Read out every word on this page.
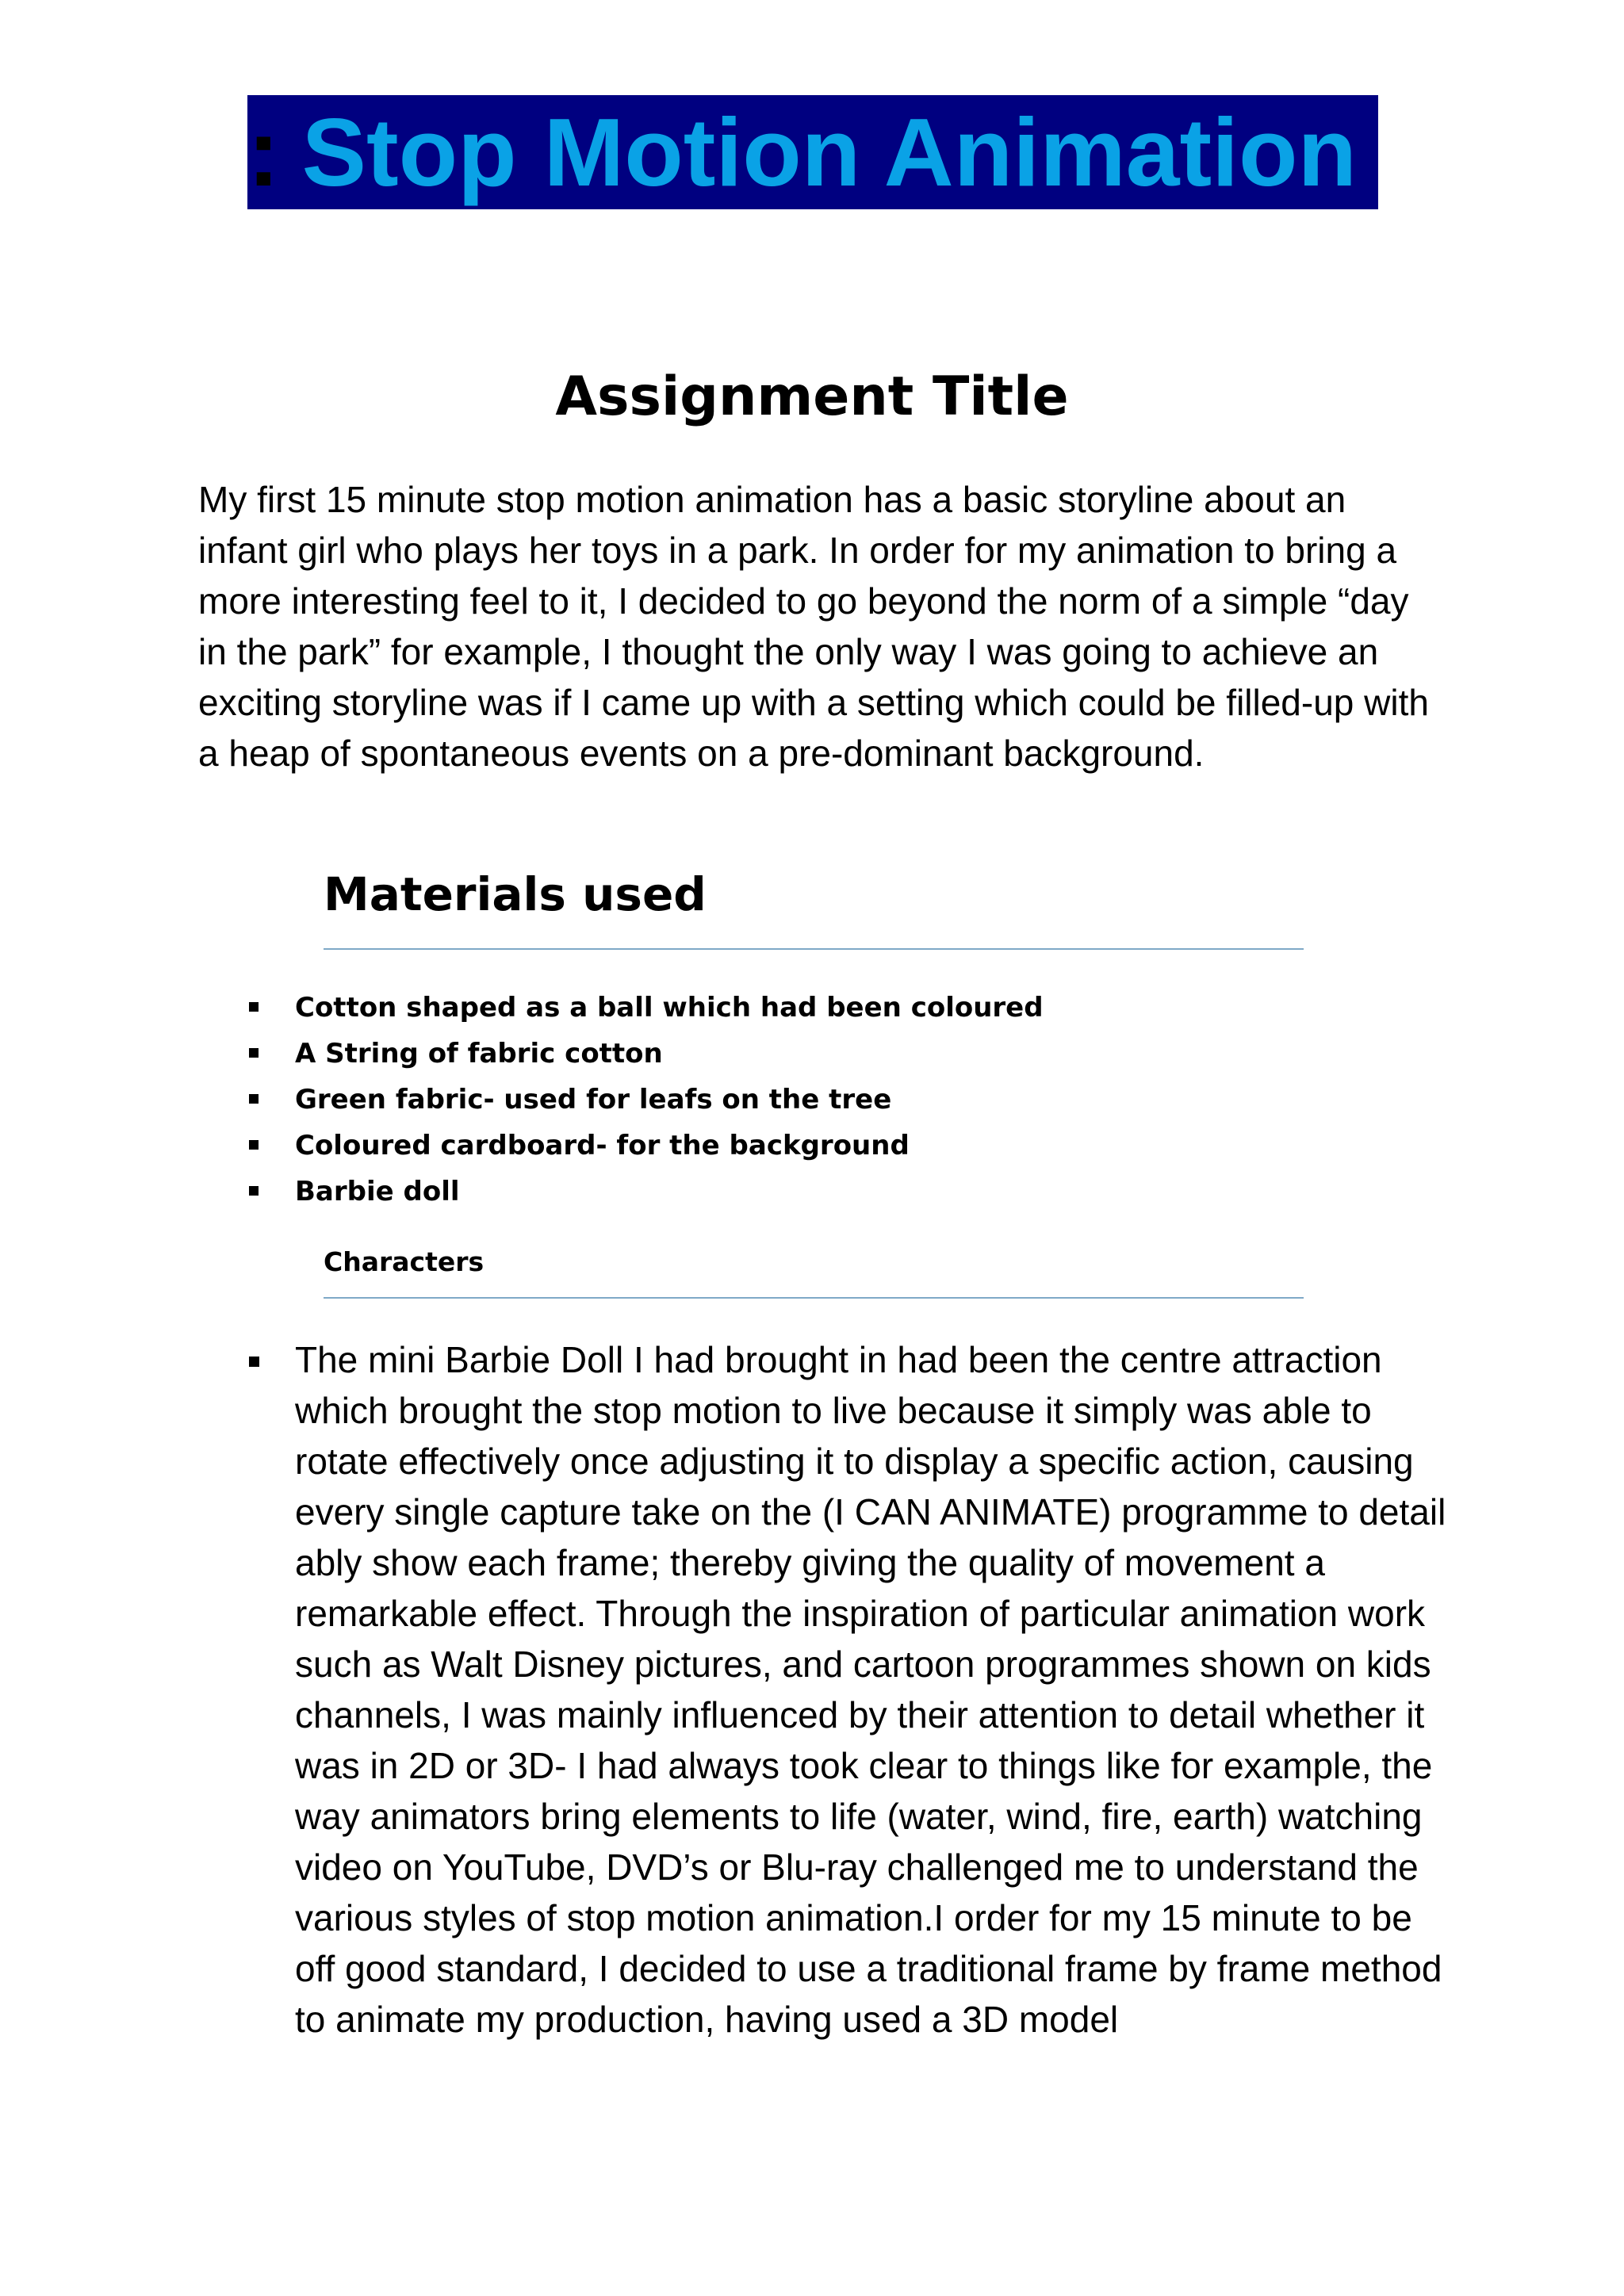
: Stop Motion Animation
Assignment Title

My first 15 minute stop motion animation has a basic storyline about an infant girl who plays her toys in a park. In order for my animation to bring a more interesting feel to it, I decided to go beyond the norm of a simple “day in the park” for example, I thought the only way I was going to achieve an exciting storyline was if I came up with a setting which could be filled-up with a heap of spontaneous events on a pre-dominant background.

Materials used
Cotton shaped as a ball which had been coloured
A String of fabric cotton
Green fabric- used for leafs on the tree
Coloured cardboard- for the background
Barbie doll
Characters
The mini Barbie Doll I had brought in had been the centre attraction which brought the stop motion to live because it simply was able to rotate effectively once adjusting it to display a specific action, causing every single capture take on the (I CAN ANIMATE) programme to detail ably show each frame; thereby giving the quality of movement a remarkable effect. Through the inspiration of particular animation work such as Walt Disney pictures, and cartoon programmes shown on kids channels, I was mainly influenced by their attention to detail whether it was in 2D or 3D- I had always took clear to things like for example, the way animators bring elements to life (water, wind, fire, earth) watching video on YouTube, DVD’s or Blu-ray challenged me to understand the various styles of stop motion animation.I order for my 15 minute to be off good standard, I decided to use a traditional frame by frame method to animate my production, having used a 3D model
